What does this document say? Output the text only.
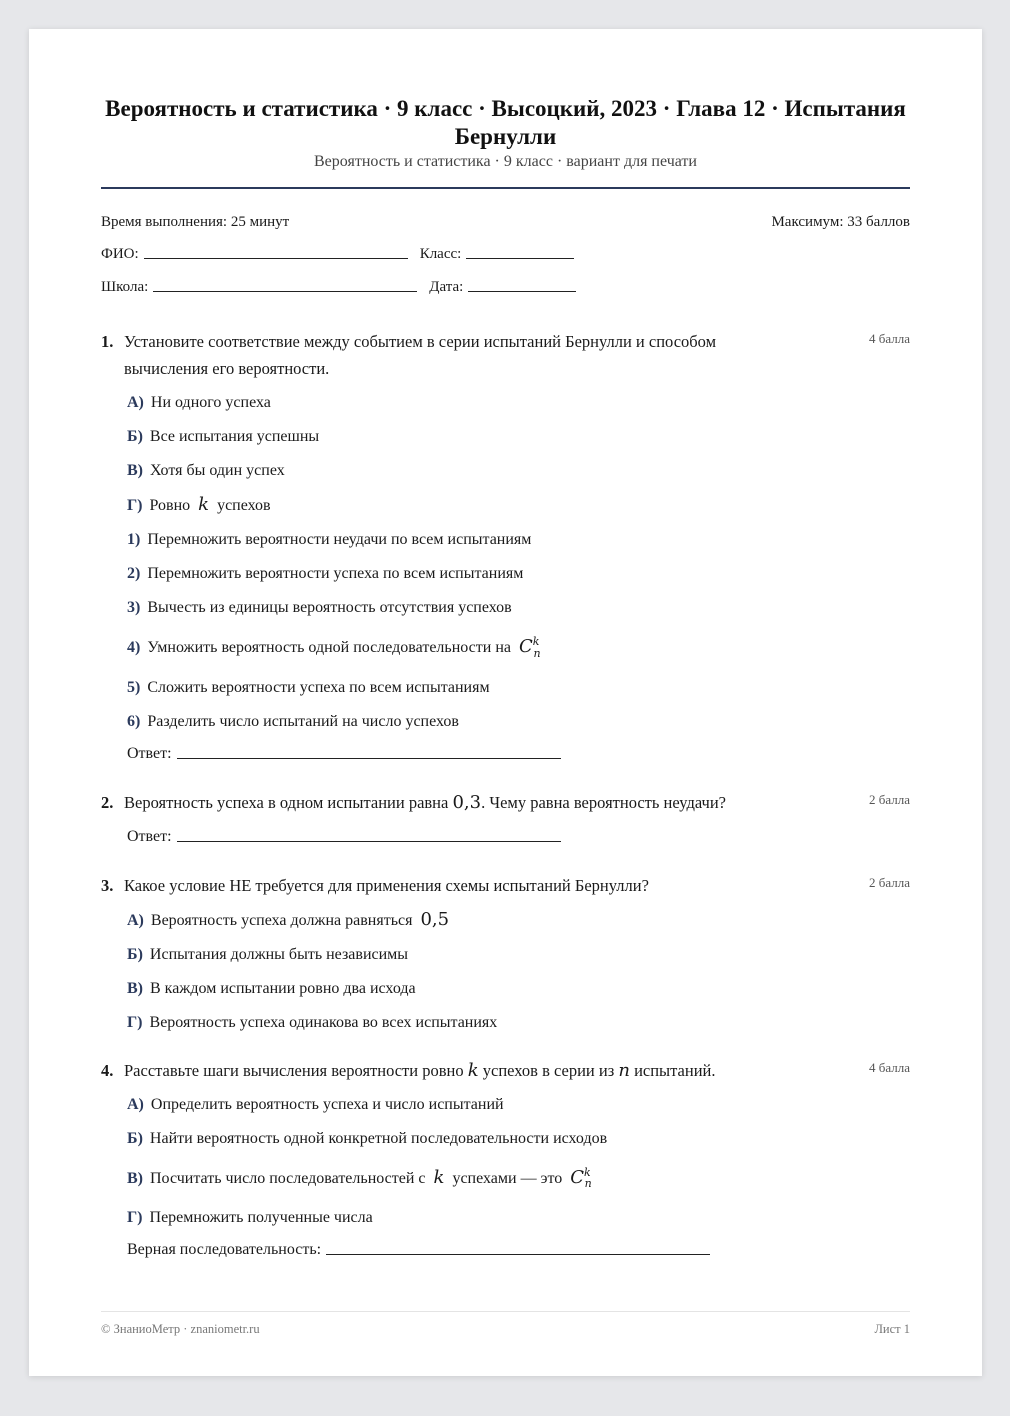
Вероятность и статистика · 9 класс · Высоцкий, 2023 · Глава 12 · Испытания Бернулли
Вероятность и статистика · 9 класс · вариант для печати
Время выполнения: 25 минут	Максимум: 33 баллов
ФИО:	Класс:
Школа:	Дата:
1. Установите соответствие между событием в серии испытаний Бернулли и способом вычисления его вероятности.
4 балла
А) Ни одного успеха
Б) Все испытания успешны
В) Хотя бы один успех
Г) Ровно k успехов
1) Перемножить вероятности неудачи по всем испытаниям
2) Перемножить вероятности успеха по всем испытаниям
3) Вычесть из единицы вероятность отсутствия успехов
4) Умножить вероятность одной последовательности на $C^k_n$
5) Сложить вероятности успеха по всем испытаниям
6) Разделить число испытаний на число успехов
Ответ:
2. Вероятность успеха в одном испытании равна 0,3. Чему равна вероятность неудачи?	2 балла
Ответ:
3. Какое условие НЕ требуется для применения схемы испытаний Бернулли?	2 балла
А) Вероятность успеха должна равняться 0,5
Б) Испытания должны быть независимы
В) В каждом испытании ровно два исхода
Г) Вероятность успеха одинакова во всех испытаниях
4. Расставьте шаги вычисления вероятности ровно k успехов в серии из n испытаний.	4 балла
А) Определить вероятность успеха и число испытаний
Б) Найти вероятность одной конкретной последовательности исходов
В) Посчитать число последовательностей с k успехами — это $C^k_n$
Г) Перемножить полученные числа
Верная последовательность:
© ЗнаниоМетр · znaniometr.ru	Лист 1
